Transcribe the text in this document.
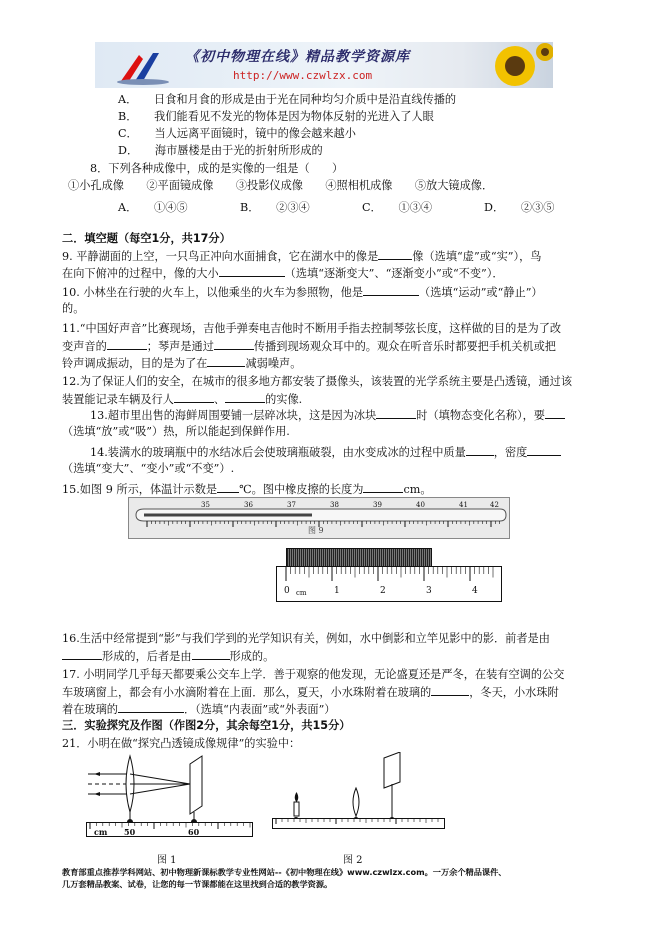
《初中物理在线》精品教学资源库
http://www.czwlzx.com
A．　　日食和月食的形成是由于光在同种均匀介质中是沿直线传播的
B．　　我们能看见不发光的物体是因为物体反射的光进入了人眼
C．　　当人远离平面镜时，镜中的像会越来越小
D．　　海市蜃楼是由于光的折射所形成的
8．下列各种成像中，成的是实像的一组是（　　）
①小孔成像　　②平面镜成像　　③投影仪成像　　④照相机成像　　⑤放大镜成像．
A．　　①④⑤	B．　　②③④	C．　　①③④	D．　　②③⑤
二．填空题（每空1分，共17分）
9. 平静湖面的上空，一只鸟正冲向水面捕食，它在湖水中的像是	像（选填“虚”或“实”），鸟
在向下俯冲的过程中，像的大小	（选填“逐渐变大”、“逐渐变小”或“不变”）．
10. 小林坐在行驶的火车上，以他乘坐的火车为参照物，他是	（选填“运动”或“静止”）
的。
11.“中国好声音”比赛现场，吉他手弹奏电吉他时不断用手指去控制琴弦长度，这样做的目的是为了改
变声音的	；琴声是通过	传播到现场观众耳中的。观众在听音乐时都要把手机关机或把
铃声调成振动，目的是为了在	减弱噪声。
12.为了保证人们的安全，在城市的很多地方都安装了摄像头，该装置的光学系统主要是凸透镜，通过该
装置能记录车辆及行人	、	的实像.
13.超市里出售的海鲜周围要铺一层碎冰块，这是因为冰块	时（填物态变化名称），要
（选填“放”或“吸”）热，所以能起到保鲜作用.
14.装满水的玻璃瓶中的水结冰后会使玻璃瓶破裂，由水变成冰的过程中质量	，密度
（选填“变大”、“变小”或“不变”）.
15.如图 9 所示，体温计示数是 ℃。图中橡皮擦的长度为	cm。
图 9
35	36	37	38	39	40	41	42
0 cm	1	2	3	4
16.生活中经常提到“影”与我们学到的光学知识有关，例如，水中倒影和立竿见影中的影．前者是由
形成的，后者是由	形成的。
17. 小明同学几乎每天都要乘公交车上学．善于观察的他发现，无论盛夏还是严冬，在装有空调的公交
车玻璃窗上，都会有小水滴附着在上面．那么，夏天，小水珠附着在玻璃的	，冬天，小水珠附
着在玻璃的	．（选填“内表面”或“外表面”）
三．实验探究及作图（作图2分，其余每空1分，共15分）
21．小明在做“探究凸透镜成像规律”的实验中：
cm 50	60
图 1	图 2
教育部重点推荐学科网站、初中物理新课标教学专业性网站--《初中物理在线》www.czwlzx.com。一万余个精品课件、
几万套精品教案、试卷，让您的每一节课都能在这里找到合适的教学资源。
